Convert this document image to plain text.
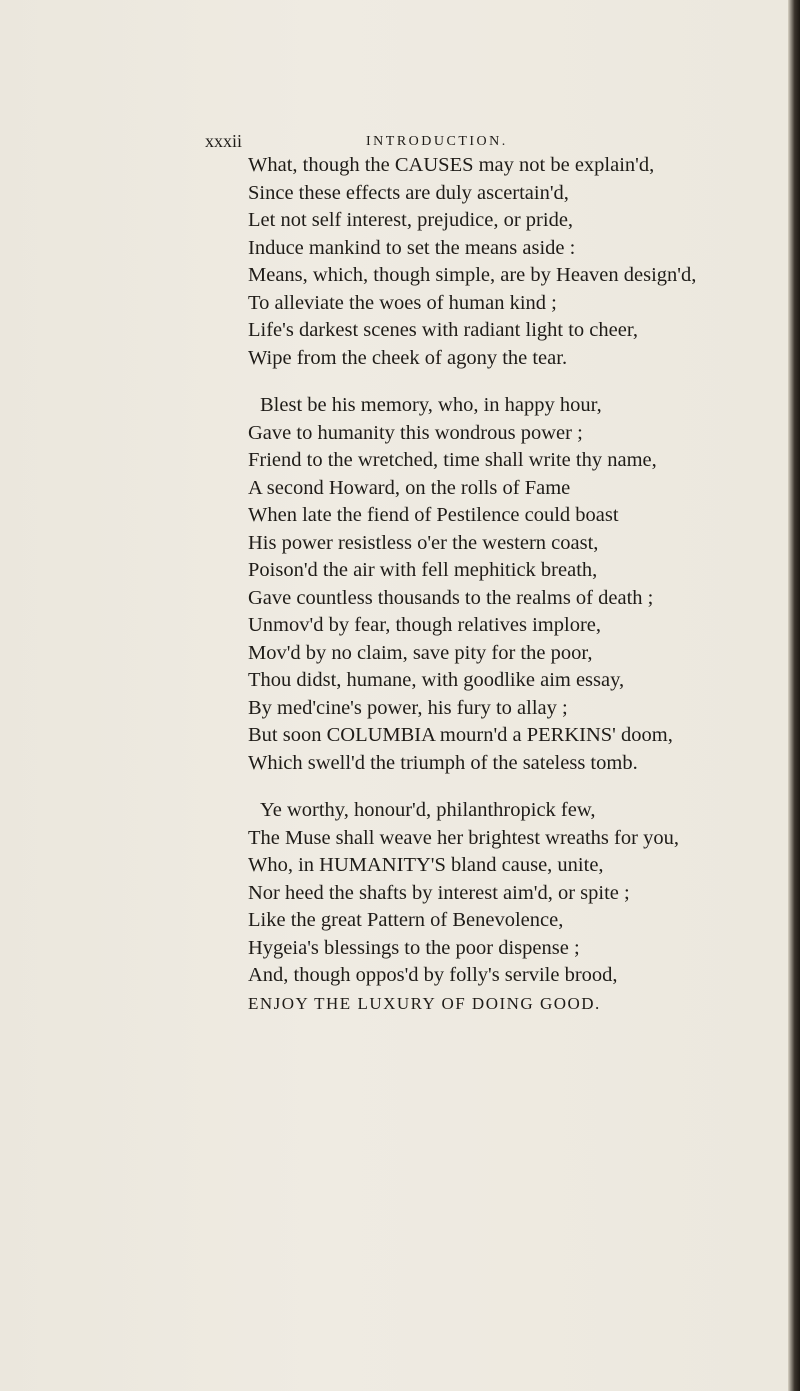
xxxii	INTRODUCTION.
What, though the CAUSES may not be explain'd,
Since these effects are duly ascertain'd,
Let not self interest, prejudice, or pride,
Induce mankind to set the means aside :
Means, which, though simple, are by Heaven design'd,
To alleviate the woes of human kind ;
Life's darkest scenes with radiant light to cheer,
Wipe from the cheek of agony the tear.
Blest be his memory, who, in happy hour,
Gave to humanity this wondrous power ;
Friend to the wretched, time shall write thy name,
A second Howard, on the rolls of Fame
When late the fiend of Pestilence could boast
His power resistless o'er the western coast,
Poison'd the air with fell mephitick breath,
Gave countless thousands to the realms of death ;
Unmov'd by fear, though relatives implore,
Mov'd by no claim, save pity for the poor,
Thou didst, humane, with goodlike aim essay,
By med'cine's power, his fury to allay ;
But soon COLUMBIA mourn'd a PERKINS' doom,
Which swell'd the triumph of the sateless tomb.
Ye worthy, honour'd, philanthropick few,
The Muse shall weave her brightest wreaths for you,
Who, in HUMANITY'S bland cause, unite,
Nor heed the shafts by interest aim'd, or spite ;
Like the great Pattern of Benevolence,
Hygeia's blessings to the poor dispense ;
And, though oppos'd by folly's servile brood,
ENJOY THE LUXURY OF DOING GOOD.
